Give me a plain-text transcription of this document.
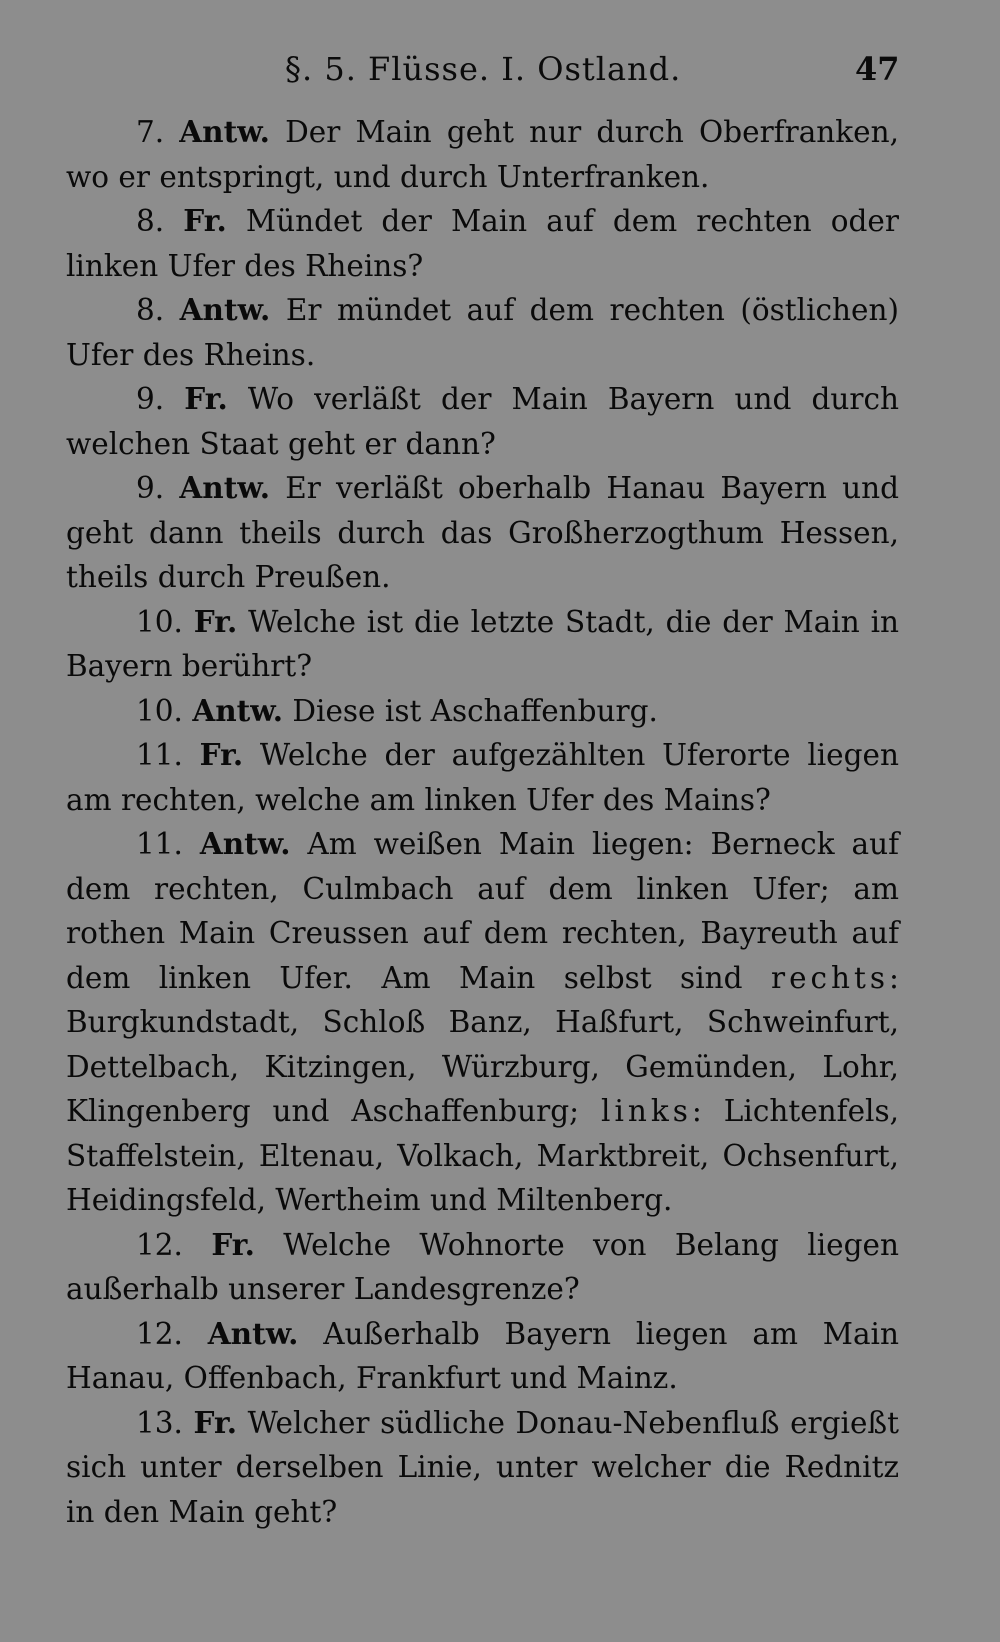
§. 5. Flüsse. I. Ostland.	47

7. Antw. Der Main geht nur durch Oberfranken, wo er entspringt, und durch Unterfranken.

8. Fr. Mündet der Main auf dem rechten oder linken Ufer des Rheins?

8. Antw. Er mündet auf dem rechten (östlichen) Ufer des Rheins.

9. Fr. Wo verläßt der Main Bayern und durch welchen Staat geht er dann?

9. Antw. Er verläßt oberhalb Hanau Bayern und geht dann theils durch das Großherzogthum Hessen, theils durch Preußen.

10. Fr. Welche ist die letzte Stadt, die der Main in Bayern berührt?

10. Antw. Diese ist Aschaffenburg.

11. Fr. Welche der aufgezählten Uferorte liegen am rechten, welche am linken Ufer des Mains?

11. Antw. Am weißen Main liegen: Berneck auf dem rechten, Culmbach auf dem linken Ufer; am rothen Main Creussen auf dem rechten, Bayreuth auf dem linken Ufer. Am Main selbst sind rechts: Burgkundstadt, Schloß Banz, Haßfurt, Schweinfurt, Dettelbach, Kitzingen, Würzburg, Gemünden, Lohr, Klingenberg und Aschaffenburg; links: Lichtenfels, Staffelstein, Eltenau, Volkach, Marktbreit, Ochsenfurt, Heidingsfeld, Wertheim und Miltenberg.

12. Fr. Welche Wohnorte von Belang liegen außerhalb unserer Landesgrenze?

12. Antw. Außerhalb Bayern liegen am Main Hanau, Offenbach, Frankfurt und Mainz.

13. Fr. Welcher südliche Donau-Nebenfluß ergießt sich unter derselben Linie, unter welcher die Rednitz in den Main geht?
